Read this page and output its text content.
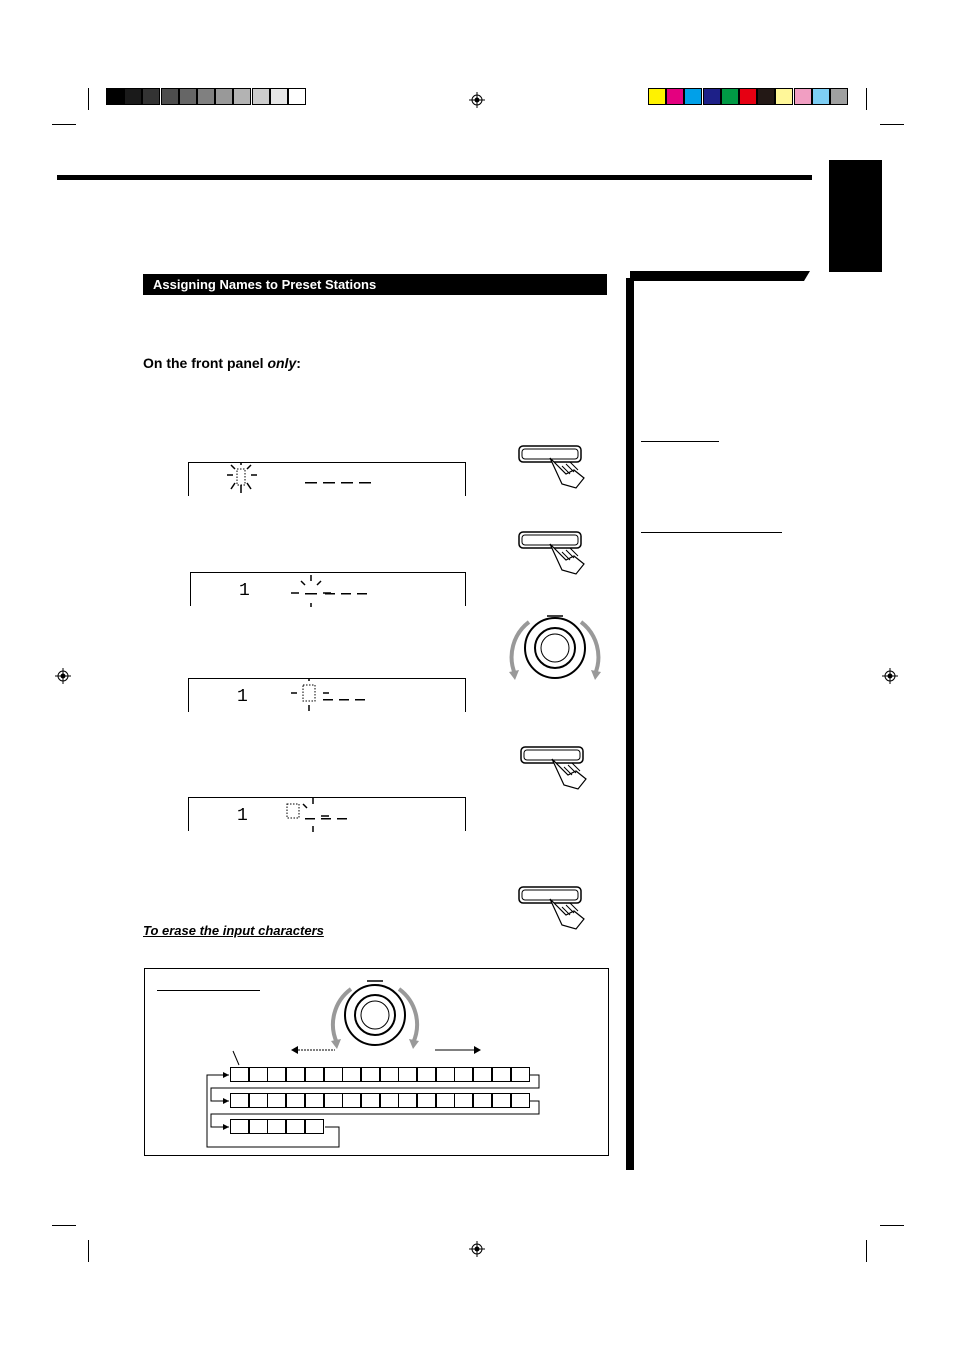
Assigning Names to Preset Stations
On the front panel only:
1
1
1
To erase the input characters
